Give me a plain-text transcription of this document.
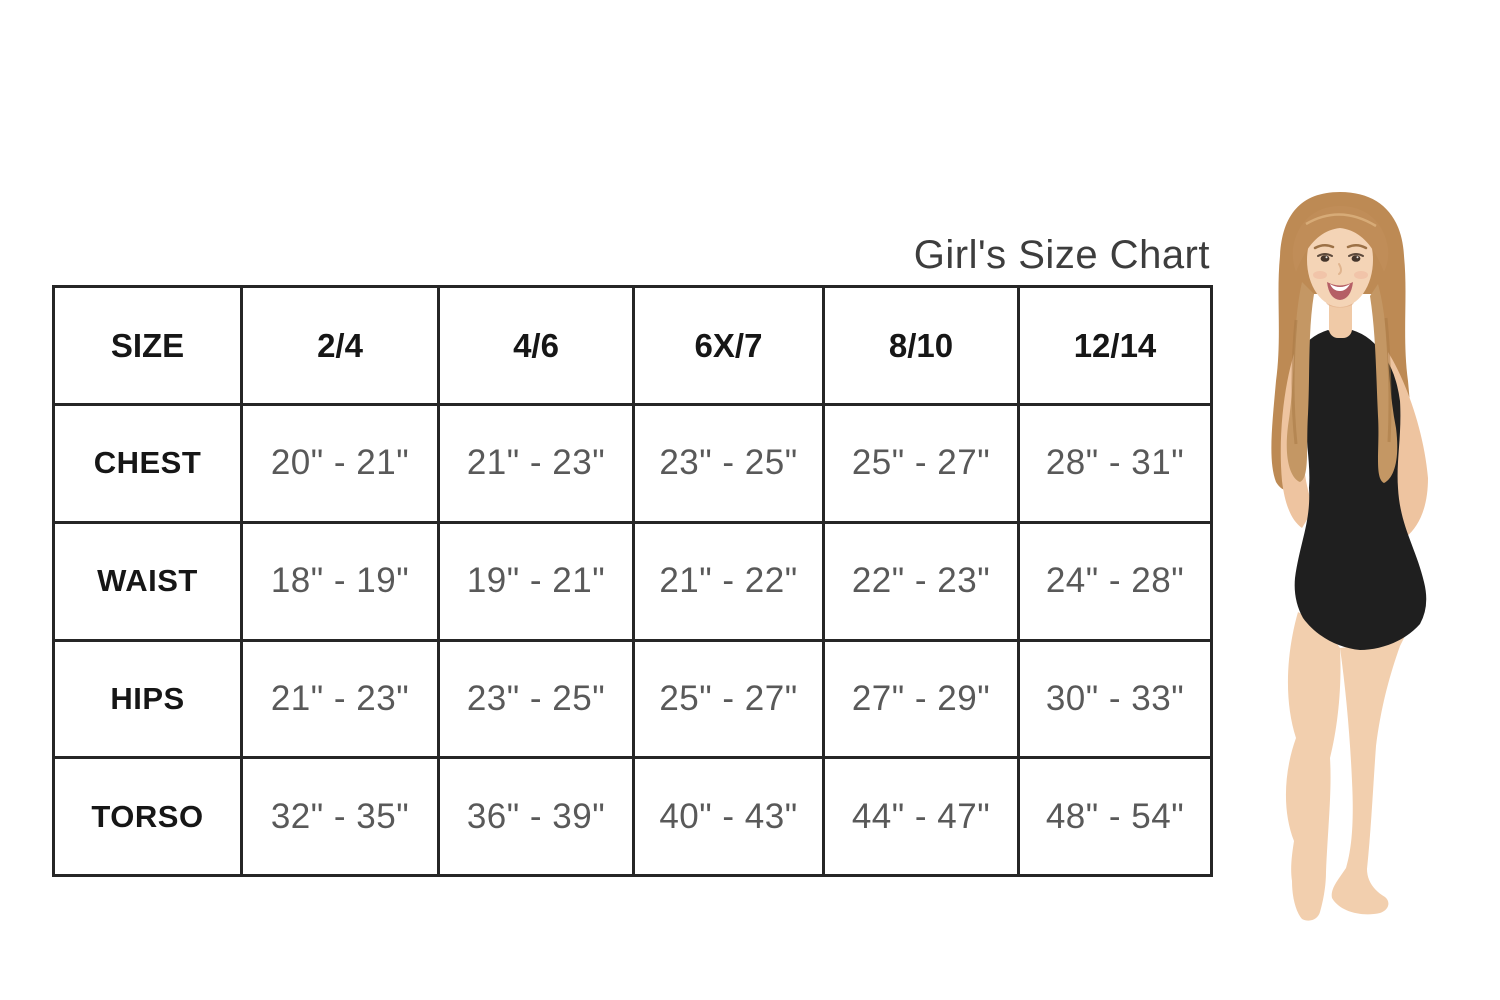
Girl's Size Chart
SIZE	2/4	4/6	6X/7	8/10	12/14
CHEST	20" - 21"	21" - 23"	23" - 25"	25" - 27"	28" - 31"
WAIST	18" - 19"	19" - 21"	21" - 22"	22" - 23"	24" - 28"
HIPS	21" - 23"	23" - 25"	25" - 27"	27" - 29"	30" - 33"
TORSO	32" - 35"	36" - 39"	40" - 43"	44" - 47"	48" - 54"
